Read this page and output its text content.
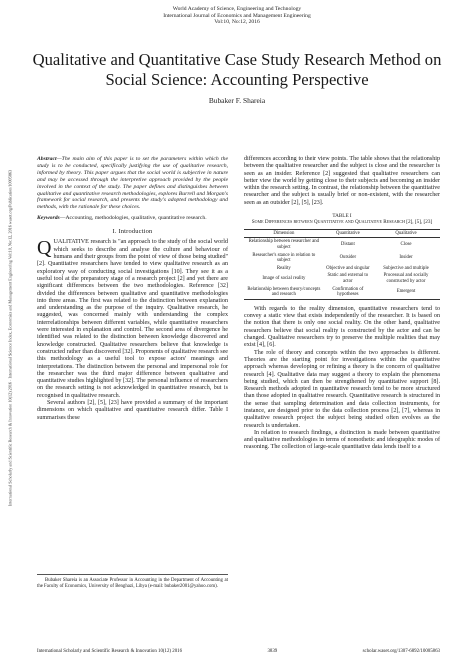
International Scholarly and Scientific Research & Innovation 10(12) 2016 · International Science Index, Economics and Management Engineering Vol:10, No:12, 2016 waset.org/Publication/10005863
World Academy of Science, Engineering and Technology
International Journal of Economics and Management Engineering
Vol:10, No:12, 2016
Qualitative and Quantitative Case Study Research Method on Social Science: Accounting Perspective
Bubaker F. Shareia

Abstract—The main aim of this paper is to set the parameters within which the study is to be conducted, specifically justifying the use of qualitative research, informed by theory. This paper argues that the social world is subjective in nature and may be accessed through the interpretive approach provided by the people involved in the context of the study. The paper defines and distinguishes between qualitative and quantitative research methodologies, explores Burrell and Morgan's framework for social research, and presents the study's adopted methodology and methods, with the rationale for these choices.

Keywords—Accounting, methodologies, qualitative, quantitative research.

I. Introduction

QUALITATIVE research is "an approach to the study of the social world which seeks to describe and analyse the culture and behaviour of humans and their groups from the point of view of those being studied" [2]. Quantitative researchers have tended to view qualitative research as an exploratory way of conducting social investigations [10]. They see it as a useful tool at the preparatory stage of a research project [2] and yet there are significant differences between the two methodologies. Reference [32] divided the differences between qualitative and quantitative methodologies into three areas. The first was related to the distinction between explanation and understanding as the purpose of the inquiry. Qualitative research, he suggested, was concerned mainly with understanding the complex interrelationships between different variables, while quantitative researchers were interested in explanation and control. The second area of divergence he identified was related to the distinction between knowledge discovered and knowledge constructed. Qualitative researchers believe that knowledge is constructed rather than discovered [32]. Proponents of qualitative research see this methodology as a useful tool to expose actors' meanings and interpretations. The distinction between the personal and impersonal role for the researcher was the third major difference between qualitative and quantitative studies highlighted by [32]. The personal influence of researchers on the research setting is not acknowledged in quantitative research, but is recognised in qualitative research.

Several authors [2], [5], [23] have provided a summary of the important dimensions on which qualitative and quantitative research differ. Table I summarises these

Bubaker Shareia is an Associate Professor in Accounting in the Department of Accounting at the Faculty of Economics, University of Benghazi, Libya (e-mail: bubaker2001@yahoo.com).

differences according to their view points. The table shows that the relationship between the qualitative researcher and the subject is close and the researcher is seen as an insider. Reference [2] suggested that qualitative researchers can better view the world by getting close to their subjects and becoming an insider within the research setting. In contrast, the relationship between the quantitative researcher and the subject is usually brief or non-existent, with the researcher seen as an outsider [2], [5], [23].

TABLE I
Some Differences between Quantitative and Qualitative Research [2], [5], [23]
Dimension	Quantitative	Qualitative
Relationship between researcher and subject	Distant	Close
Researcher's stance in relation to subject	Outsider	Insider
Reality	Objective and singular	Subjective and multiple
Image of social reality	Static and external to actor	Processual and socially constructed by actor
Relationship between theory/concepts and research	Confirmation of hypotheses	Emergent

With regards to the reality dimension, quantitative researchers tend to convey a static view that exists independently of the researcher. It is based on the notion that there is only one social reality. On the other hand, qualitative researchers believe that social reality is constructed by the actor and can be changed. Qualitative researchers try to preserve the multiple realities that may exist [4], [6].

The role of theory and concepts within the two approaches is different. Theories are the starting point for investigations within the quantitative approach whereas developing or refining a theory is the concern of qualitative research [4]. Qualitative data may suggest a theory to explain the phenomena being studied, which can then be strengthened by quantitative support [8]. Research methods adopted in quantitative research tend to be more structured than those adopted in qualitative research. Quantitative research is structured in the sense that sampling determination and data collection instruments, for instance, are designed prior to the data collection process [2], [7], whereas in qualitative research project the subject being studied often evolves as the research is undertaken.

In relation to research findings, a distinction is made between quantitative and qualitative methodologies in terms of nomothetic and ideographic modes of reasoning. The collection of large-scale quantitative data lends itself to a

International Scholarly and Scientific Research & Innovation 10(12) 2016	3839	scholar.waset.org/1307-6892/10005863
